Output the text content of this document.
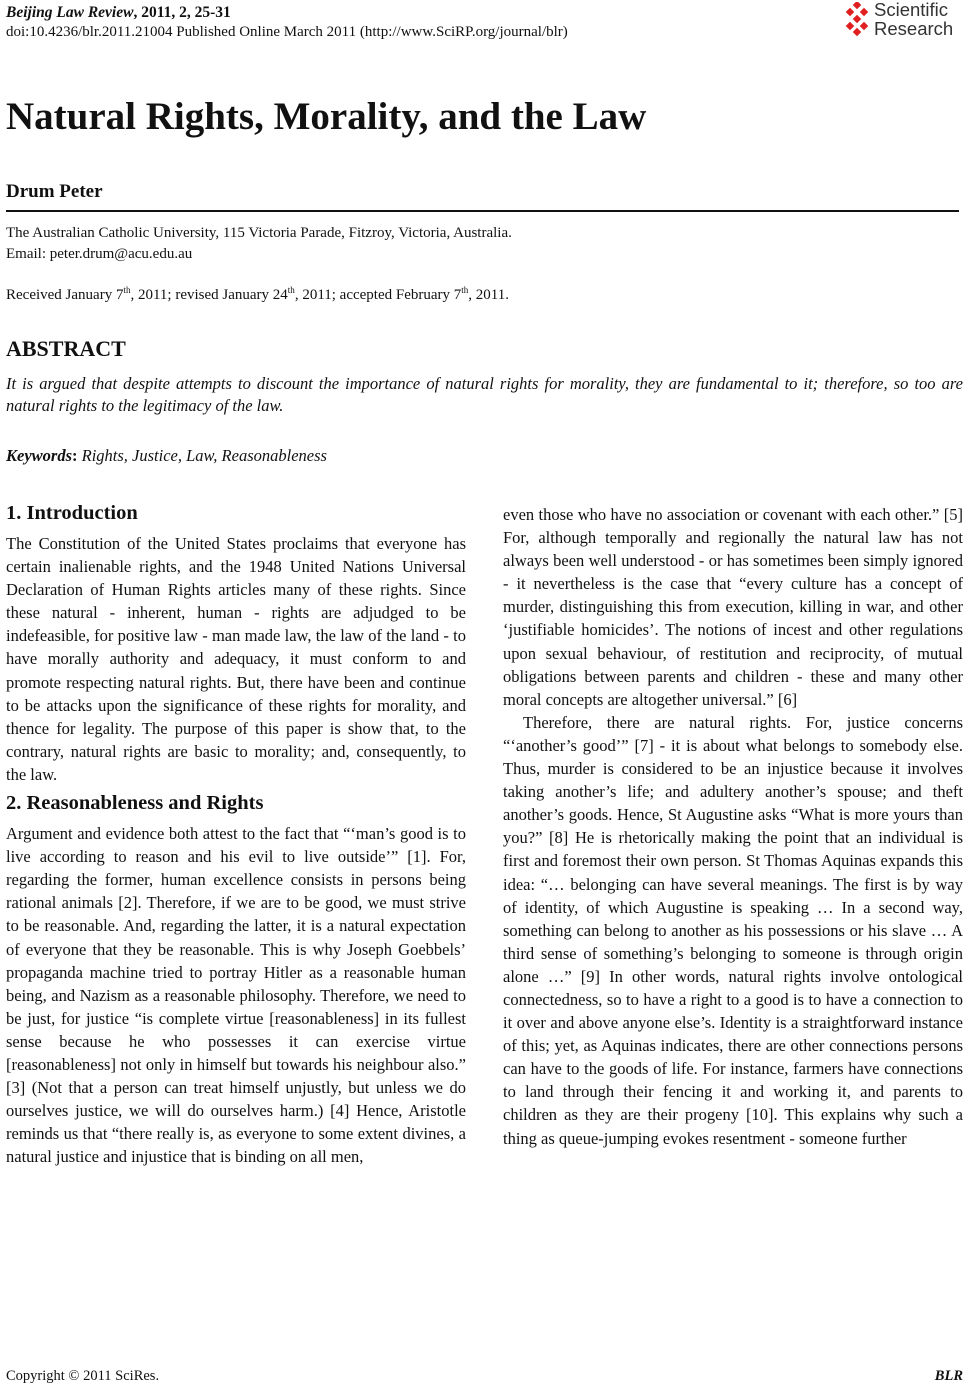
Beijing Law Review, 2011, 2, 25-31
doi:10.4236/blr.2011.21004 Published Online March 2011 (http://www.SciRP.org/journal/blr)
Scientific
Research
Natural Rights, Morality, and the Law
Drum Peter
The Australian Catholic University, 115 Victoria Parade, Fitzroy, Victoria, Australia.
Email: peter.drum@acu.edu.au
Received January 7th, 2011; revised January 24th, 2011; accepted February 7th, 2011.
ABSTRACT
It is argued that despite attempts to discount the importance of natural rights for morality, they are fundamental to it; therefore, so too are natural rights to the legitimacy of the law.
Keywords: Rights, Justice, Law, Reasonableness
1. Introduction

The Constitution of the United States proclaims that everyone has certain inalienable rights, and the 1948 United Nations Universal Declaration of Human Rights articles many of these rights. Since these natural - inherent, human - rights are adjudged to be indefeasible, for positive law - man made law, the law of the land - to have morally authority and adequacy, it must conform to and promote respecting natural rights. But, there have been and continue to be attacks upon the significance of these rights for morality, and thence for legality. The purpose of this paper is show that, to the contrary, natural rights are basic to morality; and, consequently, to the law.

2. Reasonableness and Rights

Argument and evidence both attest to the fact that “‘man’s good is to live according to reason and his evil to live outside’” [1]. For, regarding the former, human excellence consists in persons being rational animals [2]. Therefore, if we are to be good, we must strive to be reasonable. And, regarding the latter, it is a natural expectation of everyone that they be reasonable. This is why Joseph Goebbels’ propaganda machine tried to portray Hitler as a reasonable human being, and Nazism as a reasonable philosophy. Therefore, we need to be just, for justice “is complete virtue [reasonableness] in its fullest sense because he who possesses it can exercise virtue [reasonableness] not only in himself but towards his neighbour also.” [3] (Not that a person can treat himself unjustly, but unless we do ourselves justice, we will do ourselves harm.) [4] Hence, Aristotle reminds us that “there really is, as everyone to some extent divines, a natural justice and injustice that is binding on all men,

even those who have no association or covenant with each other.” [5] For, although temporally and regionally the natural law has not always been well understood - or has sometimes been simply ignored - it nevertheless is the case that “every culture has a concept of murder, distinguishing this from execution, killing in war, and other ‘justifiable homicides’. The notions of incest and other regulations upon sexual behaviour, of restitution and reciprocity, of mutual obligations between parents and children - these and many other moral concepts are altogether universal.” [6]

Therefore, there are natural rights. For, justice concerns “‘another’s good’” [7] - it is about what belongs to somebody else. Thus, murder is considered to be an injustice because it involves taking another’s life; and adultery another’s spouse; and theft another’s goods. Hence, St Augustine asks “What is more yours than you?” [8] He is rhetorically making the point that an individual is first and foremost their own person. St Thomas Aquinas expands this idea: “… belonging can have several meanings. The first is by way of identity, of which Augustine is speaking … In a second way, something can belong to another as his possessions or his slave … A third sense of something’s belonging to someone is through origin alone …” [9] In other words, natural rights involve ontological connectedness, so to have a right to a good is to have a connection to it over and above anyone else’s. Identity is a straightforward instance of this; yet, as Aquinas indicates, there are other connections persons can have to the goods of life. For instance, farmers have connections to land through their fencing it and working it, and parents to children as they are their progeny [10]. This explains why such a thing as queue-jumping evokes resentment - someone further

Copyright © 2011 SciRes.	BLR
